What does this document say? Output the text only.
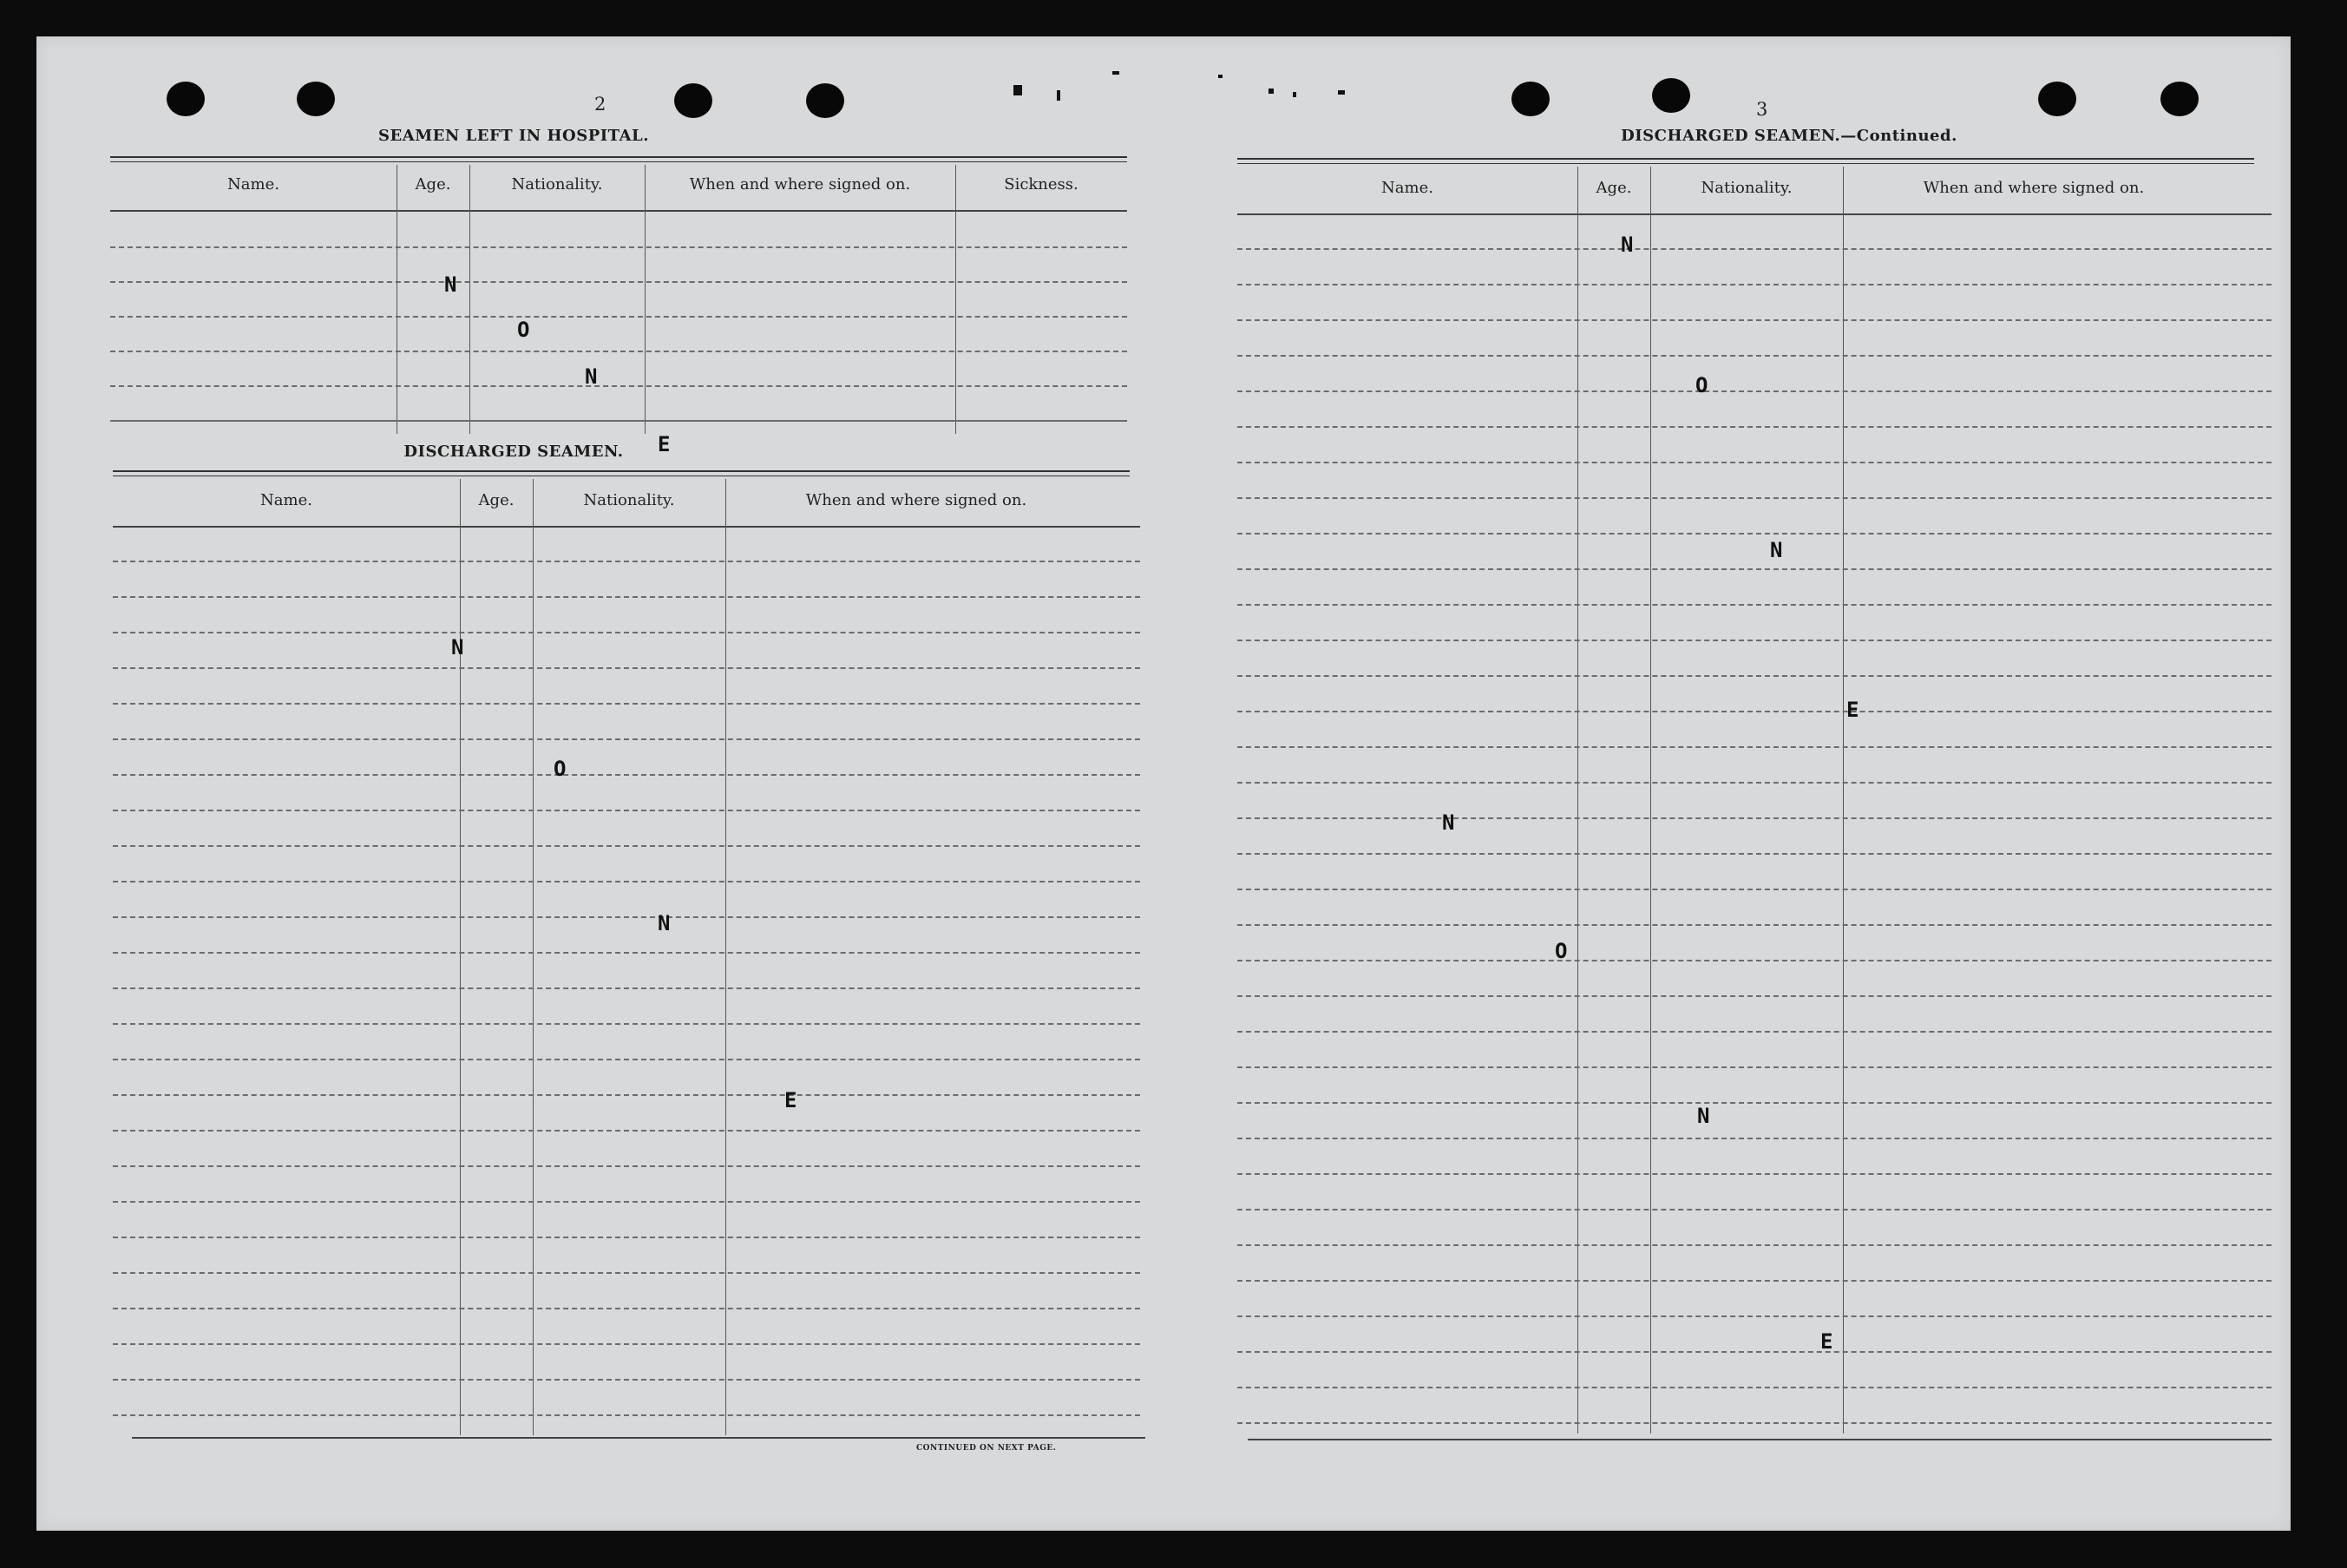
2
SEAMEN LEFT IN HOSPITAL.
Name.	Age.	Nationality.	When and where signed on.	Sickness.
N
O
N
E
DISCHARGED SEAMEN.
Name.	Age.	Nationality.	When and where signed on.
N
O
N
E
CONTINUED ON NEXT PAGE.
3
DISCHARGED SEAMEN.—Continued.
Name.	Age.	Nationality.	When and where signed on.
N
O
N
E
N
O
N
E
